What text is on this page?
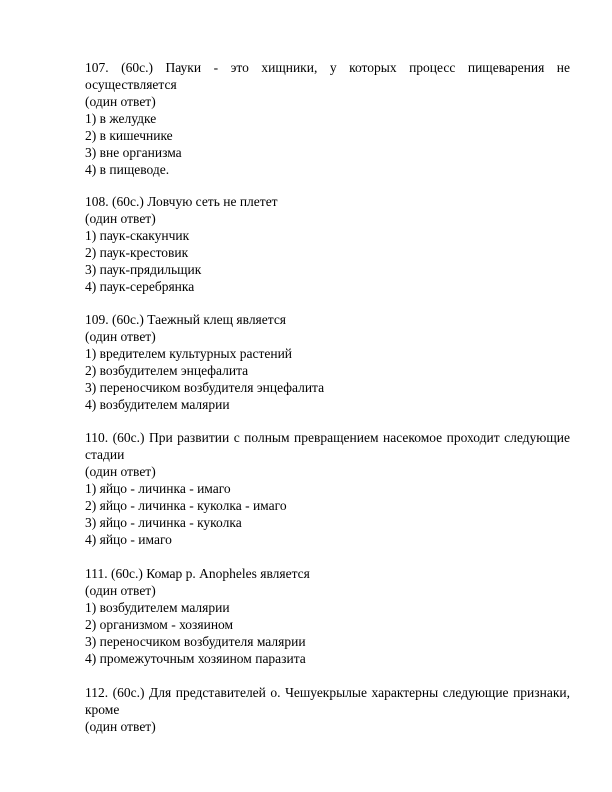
107. (60с.) Пауки - это хищники, у которых процесс пищеварения не осуществляется

(один ответ)

1) в желудке

2) в кишечнике

3) вне организма

4) в пищеводе.

108. (60с.) Ловчую сеть не плетет

(один ответ)

1) паук-скакунчик

2) паук-крестовик

3) паук-прядильщик

4) паук-серебрянка

109. (60с.) Таежный клещ является

(один ответ)

1) вредителем культурных растений

2) возбудителем энцефалита

3) переносчиком возбудителя энцефалита

4) возбудителем малярии

110. (60с.) При развитии с полным превращением насекомое проходит следующие стадии

(один ответ)

1) яйцо - личинка - имаго

2) яйцо - личинка - куколка - имаго

3) яйцо - личинка - куколка

4) яйцо - имаго

111. (60с.) Комар р. Anopheles является

(один ответ)

1) возбудителем малярии

2) организмом - хозяином

3) переносчиком возбудителя малярии

4) промежуточным хозяином паразита

112. (60с.) Для представителей о. Чешуекрылые характерны следующие признаки, кроме

(один ответ)
